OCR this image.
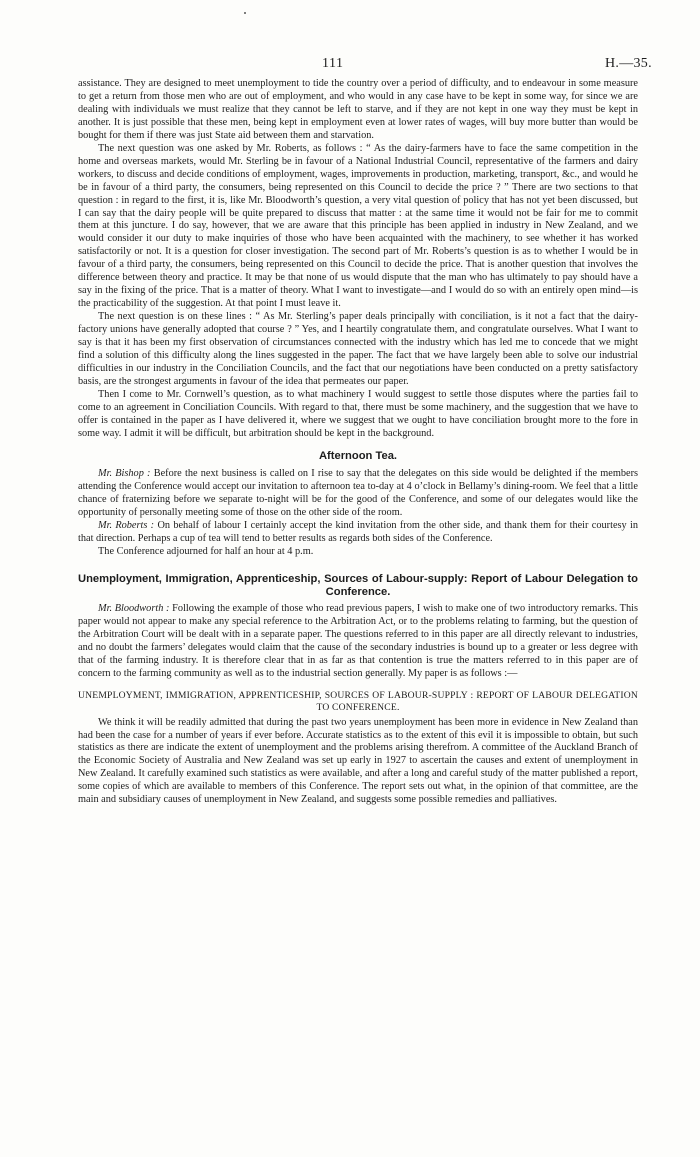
111	H.—35.

assistance. They are designed to meet unemployment to tide the country over a period of difficulty, and to endeavour in some measure to get a return from those men who are out of employment, and who would in any case have to be kept in some way, for since we are dealing with individuals we must realize that they cannot be left to starve, and if they are not kept in one way they must be kept in another. It is just possible that these men, being kept in employment even at lower rates of wages, will buy more butter than would be bought for them if there was just State aid between them and starvation.

The next question was one asked by Mr. Roberts, as follows : “ As the dairy-farmers have to face the same competition in the home and overseas markets, would Mr. Sterling be in favour of a National Industrial Council, representative of the farmers and dairy workers, to discuss and decide conditions of employment, wages, improvements in production, marketing, transport, &c., and would he be in favour of a third party, the consumers, being represented on this Council to decide the price ? ” There are two sections to that question : in regard to the first, it is, like Mr. Bloodworth’s question, a very vital question of policy that has not yet been discussed, but I can say that the dairy people will be quite prepared to discuss that matter : at the same time it would not be fair for me to commit them at this juncture. I do say, however, that we are aware that this principle has been applied in industry in New Zealand, and we would consider it our duty to make inquiries of those who have been acquainted with the machinery, to see whether it has worked satisfactorily or not. It is a question for closer investigation. The second part of Mr. Roberts’s question is as to whether I would be in favour of a third party, the consumers, being represented on this Council to decide the price. That is another question that involves the difference between theory and practice. It may be that none of us would dispute that the man who has ultimately to pay should have a say in the fixing of the price. That is a matter of theory. What I want to investigate—and I would do so with an entirely open mind—is the practicability of the suggestion. At that point I must leave it.

The next question is on these lines : “ As Mr. Sterling’s paper deals principally with conciliation, is it not a fact that the dairy-factory unions have generally adopted that course ? ” Yes, and I heartily congratulate them, and congratulate ourselves. What I want to say is that it has been my first observation of circumstances connected with the industry which has led me to concede that we might find a solution of this difficulty along the lines suggested in the paper. The fact that we have largely been able to solve our industrial difficulties in our industry in the Conciliation Councils, and the fact that our negotiations have been conducted on a pretty satisfactory basis, are the strongest arguments in favour of the idea that permeates our paper.

Then I come to Mr. Cornwell’s question, as to what machinery I would suggest to settle those disputes where the parties fail to come to an agreement in Conciliation Councils. With regard to that, there must be some machinery, and the suggestion that we have to offer is contained in the paper as I have delivered it, where we suggest that we ought to have conciliation brought more to the fore in some way. I admit it will be difficult, but arbitration should be kept in the background.

Afternoon Tea.

Mr. Bishop : Before the next business is called on I rise to say that the delegates on this side would be delighted if the members attending the Conference would accept our invitation to afternoon tea to-day at 4 o’clock in Bellamy’s dining-room. We feel that a little chance of fraternizing before we separate to-night will be for the good of the Conference, and some of our delegates would like the opportunity of personally meeting some of those on the other side of the room.

Mr. Roberts : On behalf of labour I certainly accept the kind invitation from the other side, and thank them for their courtesy in that direction. Perhaps a cup of tea will tend to better results as regards both sides of the Conference.

The Conference adjourned for half an hour at 4 p.m.

Unemployment, Immigration, Apprenticeship, Sources of Labour-supply: Report of Labour Delegation to Conference.

Mr. Bloodworth : Following the example of those who read previous papers, I wish to make one of two introductory remarks. This paper would not appear to make any special reference to the Arbitration Act, or to the problems relating to farming, but the question of the Arbitration Court will be dealt with in a separate paper. The questions referred to in this paper are all directly relevant to industries, and no doubt the farmers’ delegates would claim that the cause of the secondary industries is bound up to a greater or less degree with that of the farming industry. It is therefore clear that in as far as that contention is true the matters referred to in this paper are of concern to the farming community as well as to the industrial section generally. My paper is as follows :—

UNEMPLOYMENT, IMMIGRATION, APPRENTICESHIP, SOURCES OF LABOUR-SUPPLY : REPORT OF LABOUR DELEGATION TO CONFERENCE.

We think it will be readily admitted that during the past two years unemployment has been more in evidence in New Zealand than had been the case for a number of years if ever before. Accurate statistics as to the extent of this evil it is impossible to obtain, but such statistics as there are indicate the extent of unemployment and the problems arising therefrom. A committee of the Auckland Branch of the Economic Society of Australia and New Zealand was set up early in 1927 to ascertain the causes and extent of unemployment in New Zealand. It carefully examined such statistics as were available, and after a long and careful study of the matter published a report, some copies of which are available to members of this Conference. The report sets out what, in the opinion of that committee, are the main and subsidiary causes of unemployment in New Zealand, and suggests some possible remedies and palliatives.
